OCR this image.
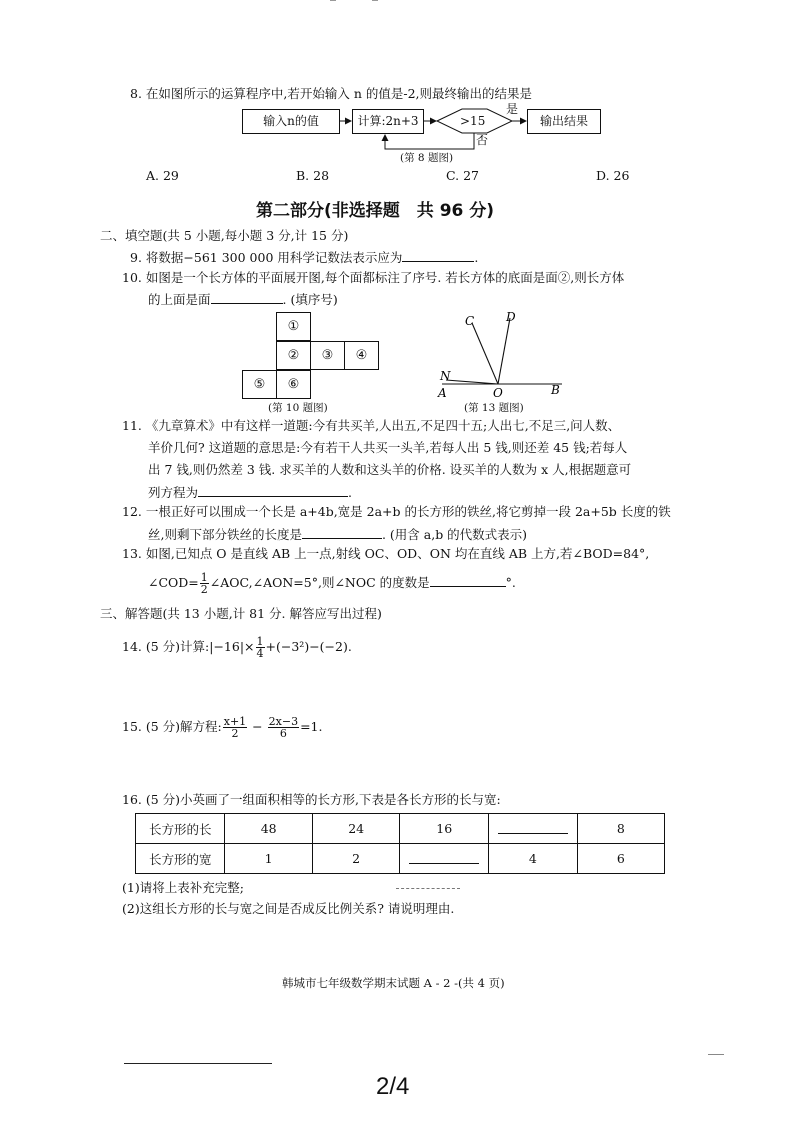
8. 在如图所示的运算程序中,若开始输入 n 的值是-2,则最终输出的结果是
输入n的值	计算:2n+3	>15
是
否
输出结果
(第 8 题图)
A. 29	B. 28	C. 27	D. 26
第二部分(非选择题　共 96 分)
二、填空题(共 5 小题,每小题 3 分,计 15 分)
9. 将数据−561 300 000 用科学记数法表示应为	.
10. 如图是一个长方体的平面展开图,每个面都标注了序号. 若长方体的底面是面②,则长方体
的上面是面	. (填序号)
①
②	③	④
⑤	⑥
(第 10 题图)
C	D
N
A	O	B
(第 13 题图)
11. 《九章算术》中有这样一道题:今有共买羊,人出五,不足四十五;人出七,不足三,问人数、
羊价几何? 这道题的意思是:今有若干人共买一头羊,若每人出 5 钱,则还差 45 钱;若每人
出 7 钱,则仍然差 3 钱. 求买羊的人数和这头羊的价格. 设买羊的人数为 x 人,根据题意可
列方程为	.
12. 一根正好可以围成一个长是 a+4b,宽是 2a+b 的长方形的铁丝,将它剪掉一段 2a+5b 长度的铁
丝,则剩下部分铁丝的长度是	. (用含 a,b 的代数式表示)
13. 如图,已知点 O 是直线 AB 上一点,射线 OC、OD、ON 均在直线 AB 上方,若∠BOD=84°,
∠COD= $\frac{1}{2}$ ∠AOC,∠AON=5°,则∠NOC 的度数是	°.
三、解答题(共 13 小题,计 81 分. 解答应写出过程)
14. (5 分)计算:|−16|× $\frac{1}{4} +(-3^2)-(-2)$.
15. (5 分)解方程: $\frac{x+1}{2} - \frac{2x-3}{6} =1$.
16. (5 分)小英画了一组面积相等的长方形,下表是各长方形的长与宽:
长方形的长	48	24	16		8
长方形的宽	1	2		4	6
(1)请将上表补充完整;
(2)这组长方形的长与宽之间是否成反比例关系? 请说明理由.
韩城市七年级数学期末试题 A - 2 -(共 4 页)
2/4
